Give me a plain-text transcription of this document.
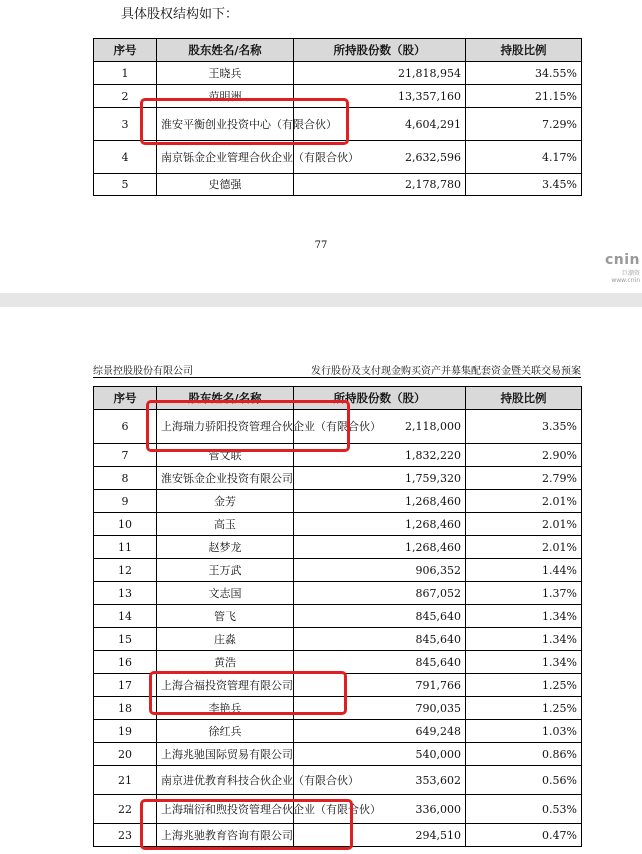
具体股权结构如下：
序号	股东姓名/名称	所持股份数（股）	持股比例
1	王晓兵	21,818,954	34.55%
2	范明洲	13,357,160	21.15%
3	淮安平衡创业投资中心（有限合伙）	4,604,291	7.29%
4	南京铄金企业管理合伙企业（有限合伙）	2,632,596	4.17%
5	史德强	2,178,780	3.45%
77
cnin
巨潮资
www.cnin
综景控股股份有限公司	发行股份及支付现金购买资产并募集配套资金暨关联交易预案
序号	股东姓名/名称	所持股份数（股）	持股比例
6	上海瑞力骄阳投资管理合伙企业（有限合伙）	2,118,000	3.35%
7	管文联	1,832,220	2.90%
8	淮安铄金企业投资有限公司	1,759,320	2.79%
9	金芳	1,268,460	2.01%
10	高玉	1,268,460	2.01%
11	赵梦龙	1,268,460	2.01%
12	王万武	906,352	1.44%
13	文志国	867,052	1.37%
14	管飞	845,640	1.34%
15	庄淼	845,640	1.34%
16	黄浩	845,640	1.34%
17	上海合福投资管理有限公司	791,766	1.25%
18	李艳兵	790,035	1.25%
19	徐红兵	649,248	1.03%
20	上海兆驰国际贸易有限公司	540,000	0.86%
21	南京进优教育科技合伙企业（有限合伙）	353,602	0.56%
22	上海瑞衍和煦投资管理合伙企业（有限合伙）	336,000	0.53%
23	上海兆驰教育咨询有限公司	294,510	0.47%
